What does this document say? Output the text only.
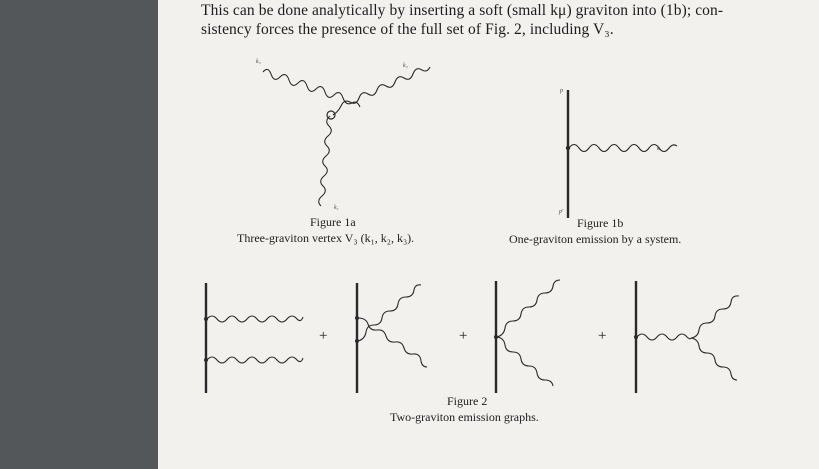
This can be done analytically by inserting a soft (small kμ) graviton into (1b); con-
sistency forces the presence of the full set of Fig. 2, including V₃.
k₃
k₃
k₁
p
p′
k
Figure 1a
Three-graviton vertex V₃ (k₁, k₂, k₃).
Figure 1b
One-graviton emission by a system.
+	+	+
Figure 2
Two-graviton emission graphs.
